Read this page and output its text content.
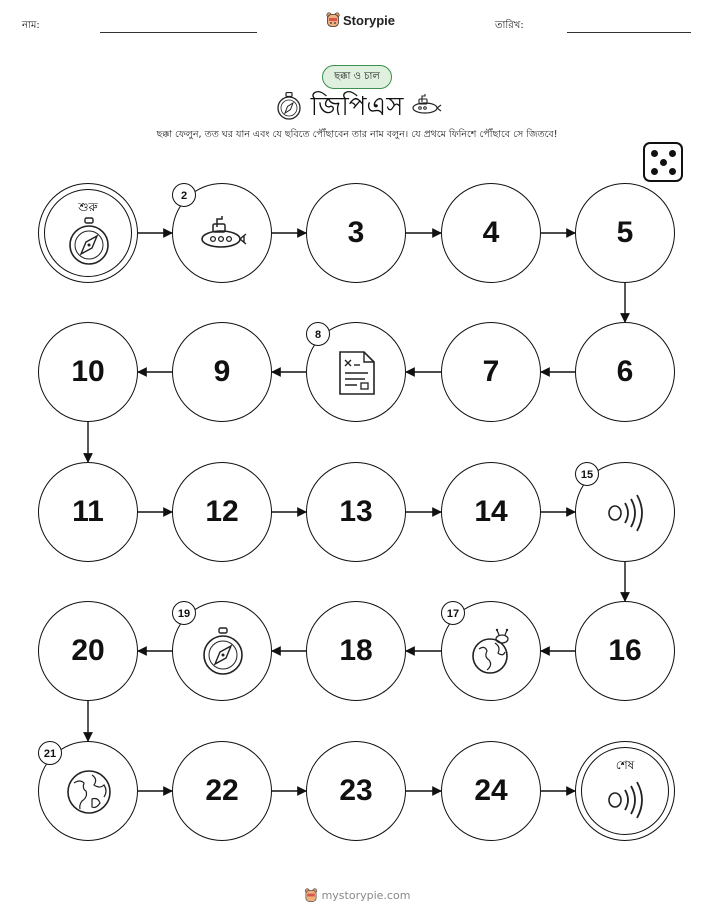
নাম:	Storypie	তারিখ:
ছক্কা ও চাল
জিপিএস
ছক্কা ফেলুন, তত ঘর যান এবং যে ছবিতে পৌঁছাবেন তার নাম বলুন। যে প্রথমে ফিনিশে পৌঁছাবে সে জিতবে!
শুরু
2
3	4	5
6
7
8
9
10
11	12	13	14
15
16
17
18
19
20
21
22	23	24
শেষ
mystorypie.com
